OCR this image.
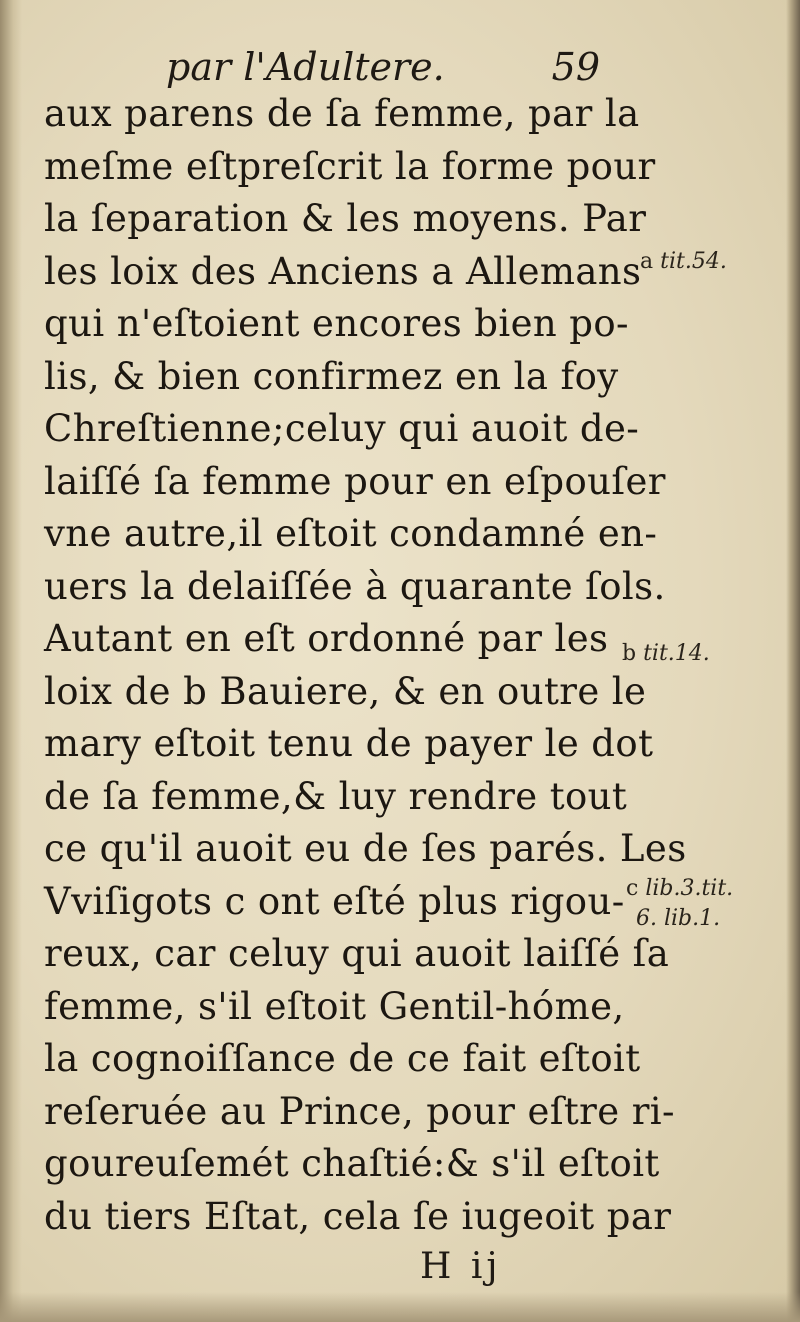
par l'Adultere.	59
aux parens de ſa femme, par la
meſme eſtpreſcrit la forme pour
la ſeparation & les moyens. Par
les loix des Anciens a Allemans
qui n'eſtoient encores bien po-
lis, & bien confirmez en la foy
Chreſtienne;celuy qui auoit de-
laiſſé ſa femme pour en eſpouſer
vne autre,il eſtoit condamné en-
uers la delaiſſée à quarante ſols.
Autant en eſt ordonné par les
loix de b Bauiere, & en outre le
mary eſtoit tenu de payer le dot
de ſa femme,& luy rendre tout
ce qu'il auoit eu de ſes parés. Les
Vviſigots c ont eſté plus rigou-
reux, car celuy qui auoit laiſſé ſa
femme, s'il eſtoit Gentil-hóme,
la cognoiſſance de ce fait eſtoit
reſeruée au Prince, pour eſtre ri-
goureuſemét chaſtié:& s'il eſtoit
du tiers Eſtat, cela ſe iugeoit par
a tit.54.
b tit.14.
c lib.3.tit.
6. lib.1.
H ij
